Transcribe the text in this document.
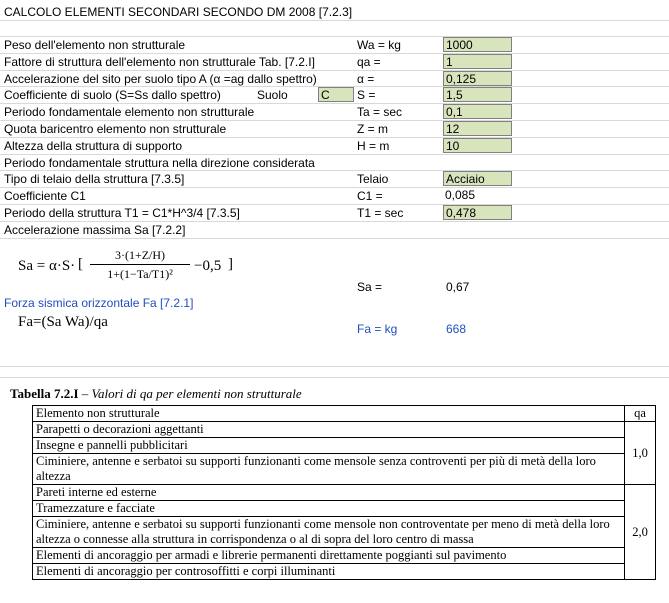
CALCOLO ELEMENTI SECONDARI SECONDO DM 2008 [7.2.3]
Peso dell'elemento non strutturale	Wa = kg	1000
Fattore di struttura dell'elemento non strutturale Tab. [7.2.I]	qa =	1
Accelerazione del sito per suolo tipo A (α =ag dallo spettro)	α =	0,125
Coefficiente di suolo (S=Ss dallo spettro)	Suolo	C	S =	1,5
Periodo fondamentale elemento non strutturale	Ta = sec	0,1
Quota baricentro elemento non strutturale	Z = m	12
Altezza della struttura di supporto	H = m	10
Periodo fondamentale struttura nella direzione considerata
Tipo di telaio della struttura [7.3.5]	Telaio	Acciaio
Coefficiente C1	C1 =	0,085
Periodo della struttura T1 = C1*H^3/4 [7.3.5]	T1 = sec	0,478
Accelerazione massima Sa [7.2.2]
Sa = α·S· [
3·(1+Z/H)
1+(1−Ta/T1)²	−0,5 ]
Sa =	0,67
Forza sismica orizzontale Fa [7.2.1]
Fa=(Sa Wa)/qa	Fa = kg	668
Tabella 7.2.I – Valori di qa per elementi non strutturale
Elemento non strutturale	qa
Parapetti o decorazioni aggettanti	1,0
Insegne e pannelli pubblicitari	
Ciminiere, antenne e serbatoi su supporti funzionanti come mensole senza controventi per più di metà della loro altezza	
Pareti interne ed esterne	2,0
Tramezzature e facciate	
Ciminiere, antenne e serbatoi su supporti funzionanti come mensole non controventate per meno di metà della loro altezza o connesse alla struttura in corrispondenza o al di sopra del loro centro di massa	
Elementi di ancoraggio per armadi e librerie permanenti direttamente poggianti sul pavimento	
Elementi di ancoraggio per controsoffitti e corpi illuminanti	
